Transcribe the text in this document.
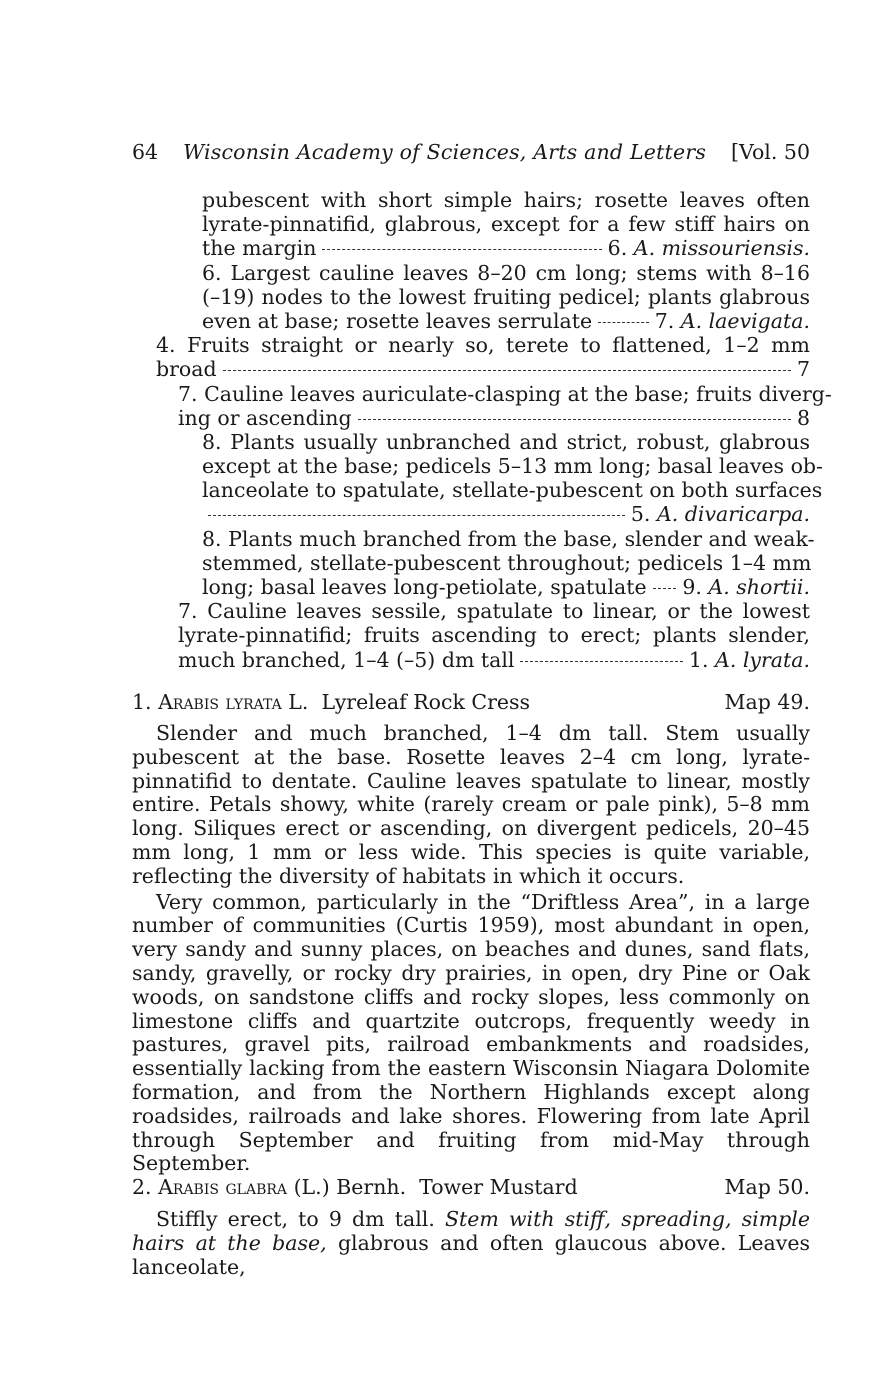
64 Wisconsin Academy of Sciences, Arts and Letters [Vol. 50
pubescent with short simple hairs; rosette leaves often
lyrate-pinnatifid, glabrous, except for a few stiff hairs on
the margin	6. A. missouriensis.
6. Largest cauline leaves 8–20 cm long; stems with 8–16
(–19) nodes to the lowest fruiting pedicel; plants glabrous
even at base; rosette leaves serrulate	7. A. laevigata.
4. Fruits straight or nearly so, terete to flattened, 1–2 mm
broad	7
7. Cauline leaves auriculate-clasping at the base; fruits diverg-
ing or ascending	8
8. Plants usually unbranched and strict, robust, glabrous
except at the base; pedicels 5–13 mm long; basal leaves ob-
lanceolate to spatulate, stellate-pubescent on both surfaces
5. A. divaricarpa.
8. Plants much branched from the base, slender and weak-
stemmed, stellate-pubescent throughout; pedicels 1–4 mm
long; basal leaves long-petiolate, spatulate 9. A. shortii.
7. Cauline leaves sessile, spatulate to linear, or the lowest
lyrate-pinnatifid; fruits ascending to erect; plants slender,
much branched, 1–4 (–5) dm tall	1. A. lyrata.
1. Arabis lyrata L. Lyreleaf Rock Cress	Map 49.

Slender and much branched, 1–4 dm tall. Stem usually pubescent at the base. Rosette leaves 2–4 cm long, lyrate-pinnatifid to dentate. Cauline leaves spatulate to linear, mostly entire. Petals showy, white (rarely cream or pale pink), 5–8 mm long. Siliques erect or ascending, on divergent pedicels, 20–45 mm long, 1 mm or less wide. This species is quite variable, reflecting the diversity of habitats in which it occurs.

Very common, particularly in the “Driftless Area”, in a large number of communities (Curtis 1959), most abundant in open, very sandy and sunny places, on beaches and dunes, sand flats, sandy, gravelly, or rocky dry prairies, in open, dry Pine or Oak woods, on sandstone cliffs and rocky slopes, less commonly on limestone cliffs and quartzite outcrops, frequently weedy in pastures, gravel pits, railroad embankments and roadsides, essentially lacking from the eastern Wisconsin Niagara Dolomite formation, and from the Northern Highlands except along roadsides, railroads and lake shores. Flowering from late April through September and fruiting from mid-May through September.

2. Arabis glabra (L.) Bernh. Tower Mustard	Map 50.

Stiffly erect, to 9 dm tall. Stem with stiff, spreading, simple hairs at the base, glabrous and often glaucous above. Leaves lanceolate,
